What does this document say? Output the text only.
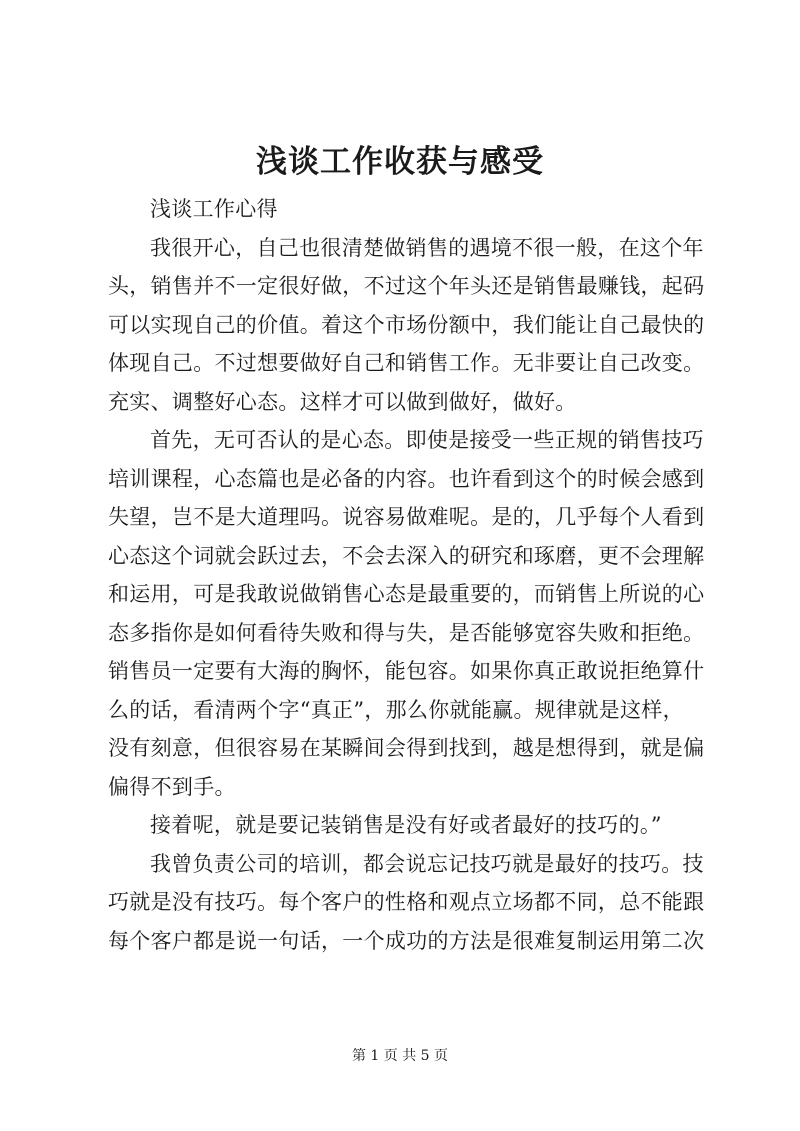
浅谈工作收获与感受

浅谈工作心得

我很开心，自己也很清楚做销售的遇境不很一般，在这个年
头，销售并不一定很好做，不过这个年头还是销售最赚钱，起码
可以实现自己的价值。着这个市场份额中，我们能让自己最快的
体现自己。不过想要做好自己和销售工作。无非要让自己改变。
充实、调整好心态。这样才可以做到做好，做好。

首先，无可否认的是心态。即使是接受一些正规的销售技巧
培训课程，心态篇也是必备的内容。也许看到这个的时候会感到
失望，岂不是大道理吗。说容易做难呢。是的，几乎每个人看到
心态这个词就会跃过去，不会去深入的研究和琢磨，更不会理解
和运用，可是我敢说做销售心态是最重要的，而销售上所说的心
态多指你是如何看待失败和得与失，是否能够宽容失败和拒绝。
销售员一定要有大海的胸怀，能包容。如果你真正敢说拒绝算什
么的话，看清两个字“真正”，那么你就能赢。规律就是这样，
没有刻意，但很容易在某瞬间会得到找到，越是想得到，就是偏
偏得不到手。

接着呢，就是要记装销售是没有好或者最好的技巧的。”

我曾负责公司的培训，都会说忘记技巧就是最好的技巧。技
巧就是没有技巧。每个客户的性格和观点立场都不同，总不能跟
每个客户都是说一句话，一个成功的方法是很难复制运用第二次

第 1 页 共 5 页
